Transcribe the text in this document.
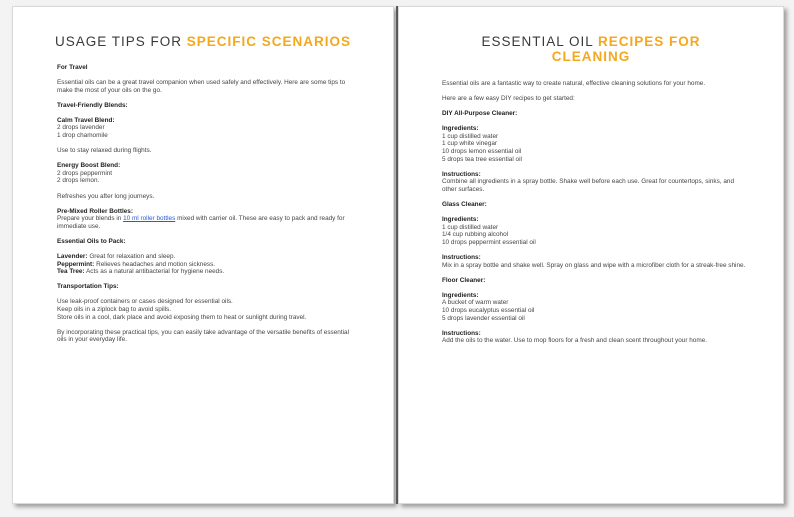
USAGE TIPS FOR SPECIFIC SCENARIOS

For Travel

Essential oils can be a great travel companion when used safely and effectively. Here are some tips to make the most of your oils on the go.

Travel-Friendly Blends:

Calm Travel Blend:
2 drops lavender
1 drop chamomile

Use to stay relaxed during flights.

Energy Boost Blend:
2 drops peppermint
2 drops lemon.

Refreshes you after long journeys.

Pre-Mixed Roller Bottles:
Prepare your blends in 10 ml roller bottles mixed with carrier oil. These are easy to pack and ready for immediate use.

Essential Oils to Pack:

Lavender: Great for relaxation and sleep.
Peppermint: Relieves headaches and motion sickness.
Tea Tree: Acts as a natural antibacterial for hygiene needs.

Transportation Tips:

Use leak-proof containers or cases designed for essential oils.
Keep oils in a ziplock bag to avoid spills.
Store oils in a cool, dark place and avoid exposing them to heat or sunlight during travel.

By incorporating these practical tips, you can easily take advantage of the versatile benefits of essential oils in your everyday life.

ESSENTIAL OIL RECIPES FOR
CLEANING

Essential oils are a fantastic way to create natural, effective cleaning solutions for your home.

Here are a few easy DIY recipes to get started:

DIY All-Purpose Cleaner:

Ingredients:
1 cup distilled water
1 cup white vinegar
10 drops lemon essential oil
5 drops tea tree essential oil

Instructions:
Combine all ingredients in a spray bottle. Shake well before each use. Great for countertops, sinks, and other surfaces.

Glass Cleaner:

Ingredients:
1 cup distilled water
1/4 cup rubbing alcohol
10 drops peppermint essential oil

Instructions:
Mix in a spray bottle and shake well. Spray on glass and wipe with a microfiber cloth for a streak-free shine.

Floor Cleaner:

Ingredients:
A bucket of warm water
10 drops eucalyptus essential oil
5 drops lavender essential oil

Instructions:
Add the oils to the water. Use to mop floors for a fresh and clean scent throughout your home.
